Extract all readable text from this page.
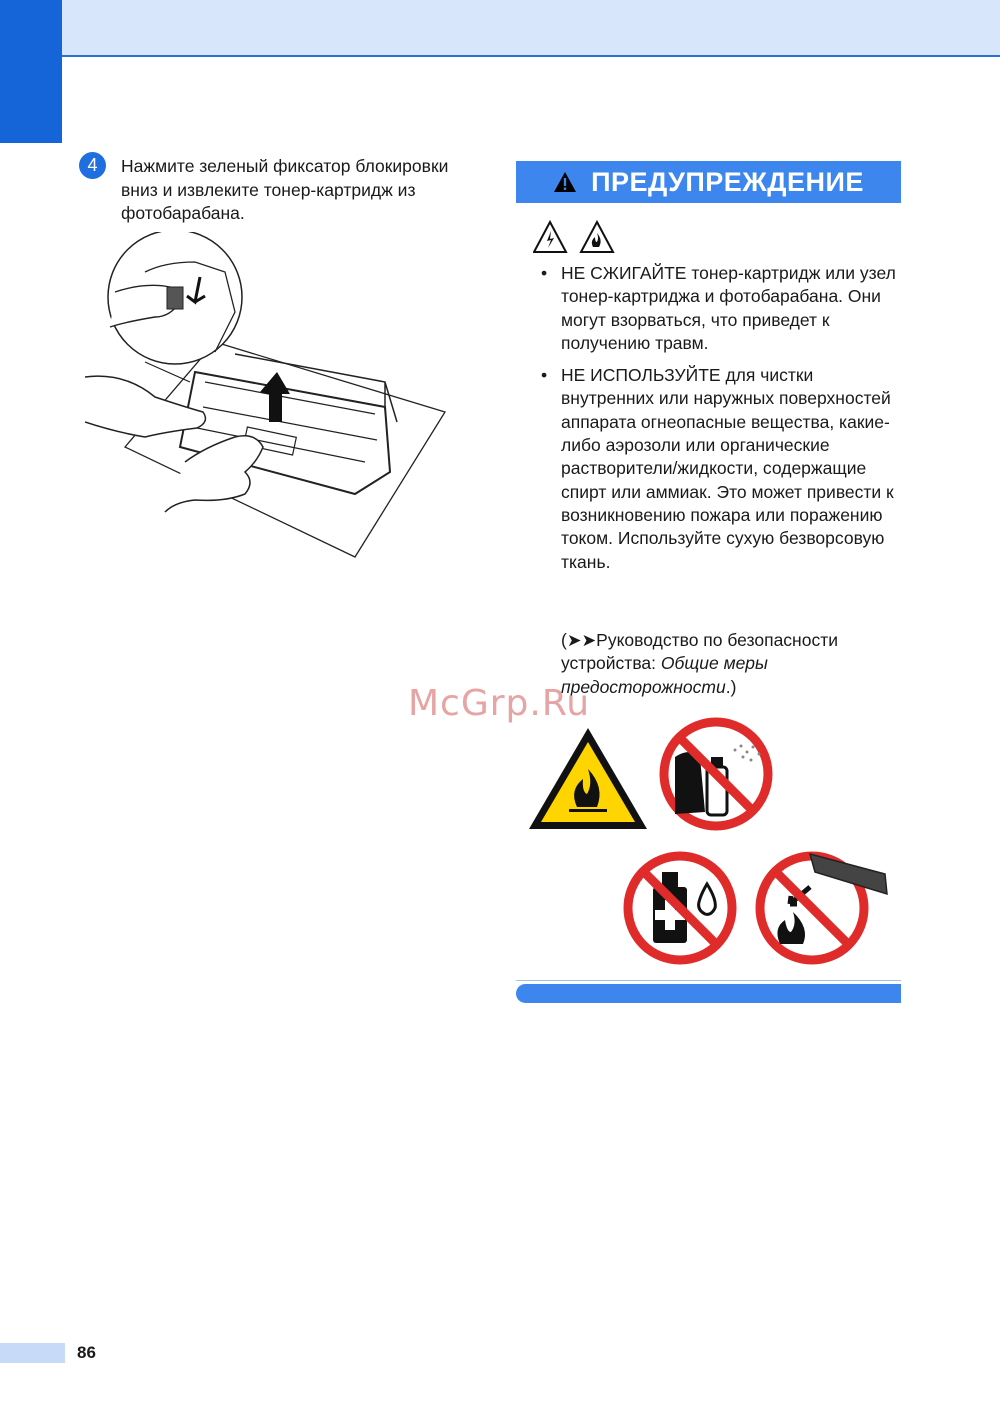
4	Нажмите зеленый фиксатор блокировки вниз и извлеките тонер-картридж из фотобарабана.
ПРЕДУПРЕЖДЕНИЕ
• НЕ СЖИГАЙТЕ тонер-картридж или узел тонер-картриджа и фотобарабана. Они могут взорваться, что приведет к получению травм.
• НЕ ИСПОЛЬЗУЙТЕ для чистки внутренних или наружных поверхностей аппарата огнеопасные вещества, какие-либо аэрозоли или органические растворители/жидкости, содержащие спирт или аммиак. Это может привести к возникновению пожара или поражению током. Используйте сухую безворсовую ткань.
(➤➤Руководство по безопасности устройства: Общие меры предосторожности.)
McGrp.Ru
86
